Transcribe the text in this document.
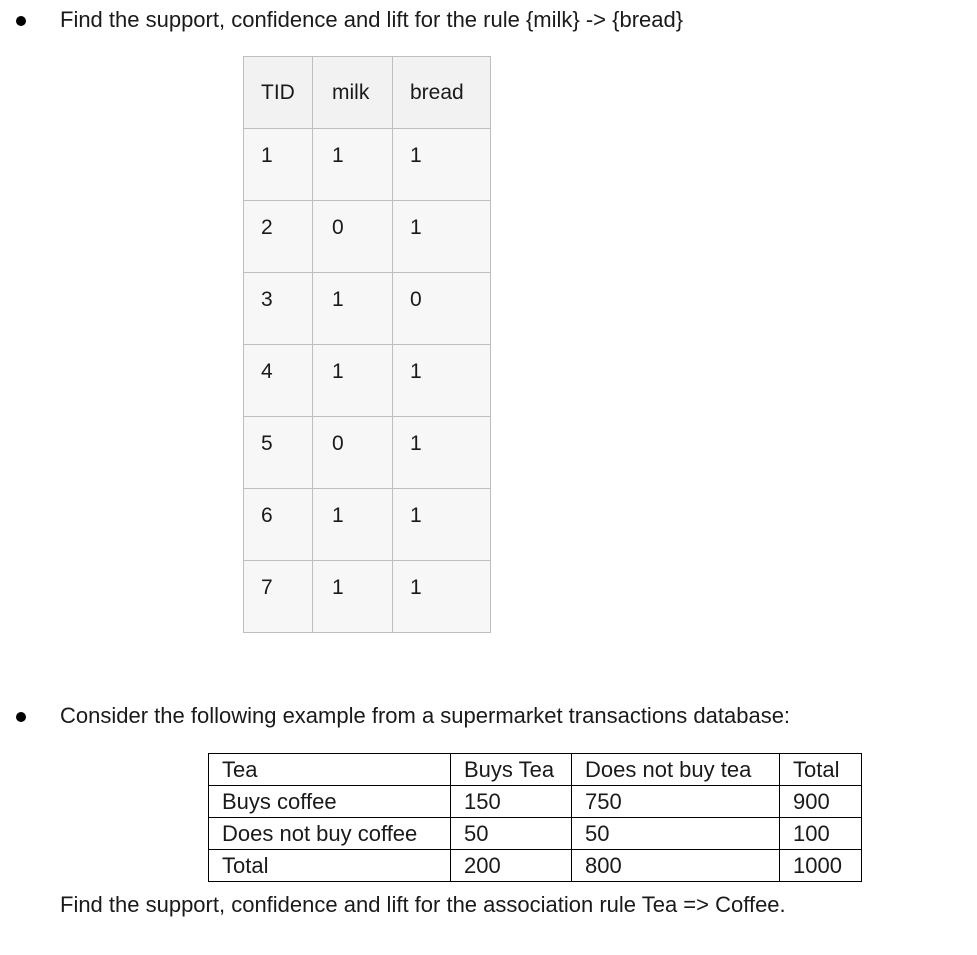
Find the support, confidence and lift for the rule {milk} -> {bread}
TID	milk	bread
1	1	1
2	0	1
3	1	0
4	1	1
5	0	1
6	1	1
7	1	1
Consider the following example from a supermarket transactions database:
Tea	Buys Tea	Does not buy tea	Total
Buys coffee	150	750	900
Does not buy coffee	50	50	100
Total	200	800	1000
Find the support, confidence and lift for the association rule Tea => Coffee.
